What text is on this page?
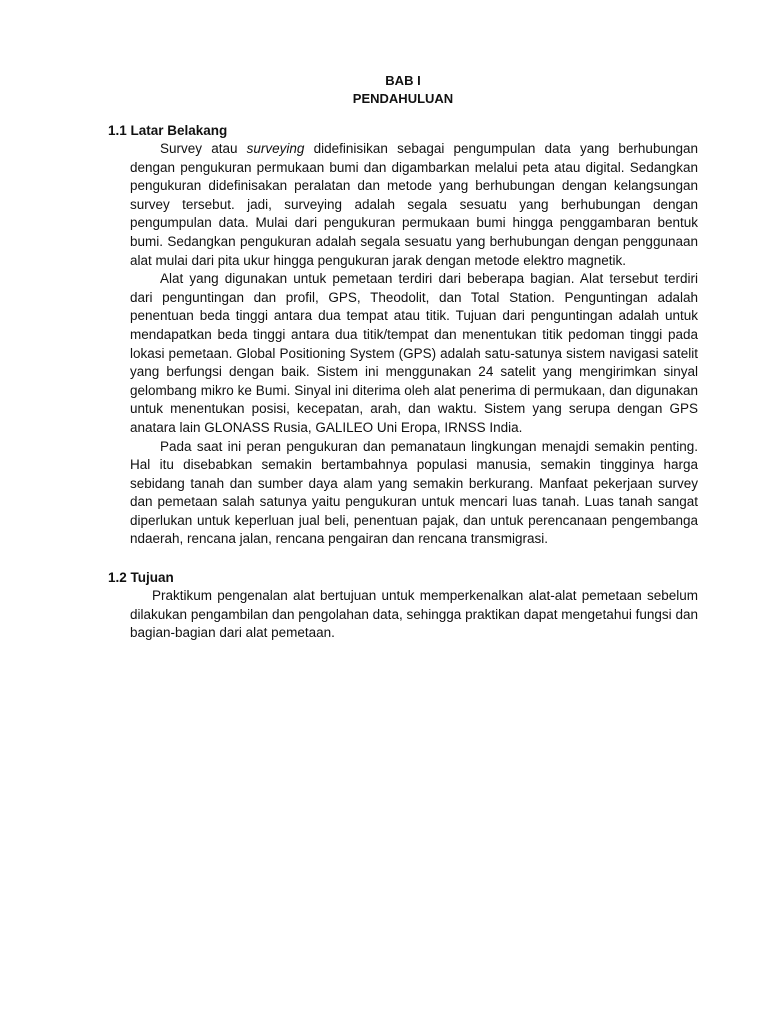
BAB I
PENDAHULUAN
1.1 Latar Belakang

Survey atau surveying didefinisikan sebagai pengumpulan data yang berhubungan dengan pengukuran permukaan bumi dan digambarkan melalui peta atau digital. Sedangkan pengukuran didefinisakan peralatan dan metode yang berhubungan dengan kelangsungan survey tersebut. jadi, surveying adalah segala sesuatu yang berhubungan dengan pengumpulan data. Mulai dari pengukuran permukaan bumi hingga penggambaran bentuk bumi. Sedangkan pengukuran adalah segala sesuatu yang berhubungan dengan penggunaan alat mulai dari pita ukur hingga pengukuran jarak dengan metode elektro magnetik.

Alat yang digunakan untuk pemetaan terdiri dari beberapa bagian. Alat tersebut terdiri dari penguntingan dan profil, GPS, Theodolit, dan Total Station. Penguntingan adalah penentuan beda tinggi antara dua tempat atau titik. Tujuan dari penguntingan adalah untuk mendapatkan beda tinggi antara dua titik/tempat dan menentukan titik pedoman tinggi pada lokasi pemetaan. Global Positioning System (GPS) adalah satu-satunya sistem navigasi satelit yang berfungsi dengan baik. Sistem ini menggunakan 24 satelit yang mengirimkan sinyal gelombang mikro ke Bumi. Sinyal ini diterima oleh alat penerima di permukaan, dan digunakan untuk menentukan posisi, kecepatan, arah, dan waktu. Sistem yang serupa dengan GPS anatara lain GLONASS Rusia, GALILEO Uni Eropa, IRNSS India.

Pada saat ini peran pengukuran dan pemanataun lingkungan menajdi semakin penting. Hal itu disebabkan semakin bertambahnya populasi manusia, semakin tingginya harga sebidang tanah dan sumber daya alam yang semakin berkurang. Manfaat pekerjaan survey dan pemetaan salah satunya yaitu pengukuran untuk mencari luas tanah. Luas tanah sangat diperlukan untuk keperluan jual beli, penentuan pajak, dan untuk perencanaan pengembanga ndaerah, rencana jalan, rencana pengairan dan rencana transmigrasi.

1.2 Tujuan

Praktikum pengenalan alat bertujuan untuk memperkenalkan alat-alat pemetaan sebelum dilakukan pengambilan dan pengolahan data, sehingga praktikan dapat mengetahui fungsi dan bagian-bagian dari alat pemetaan.
